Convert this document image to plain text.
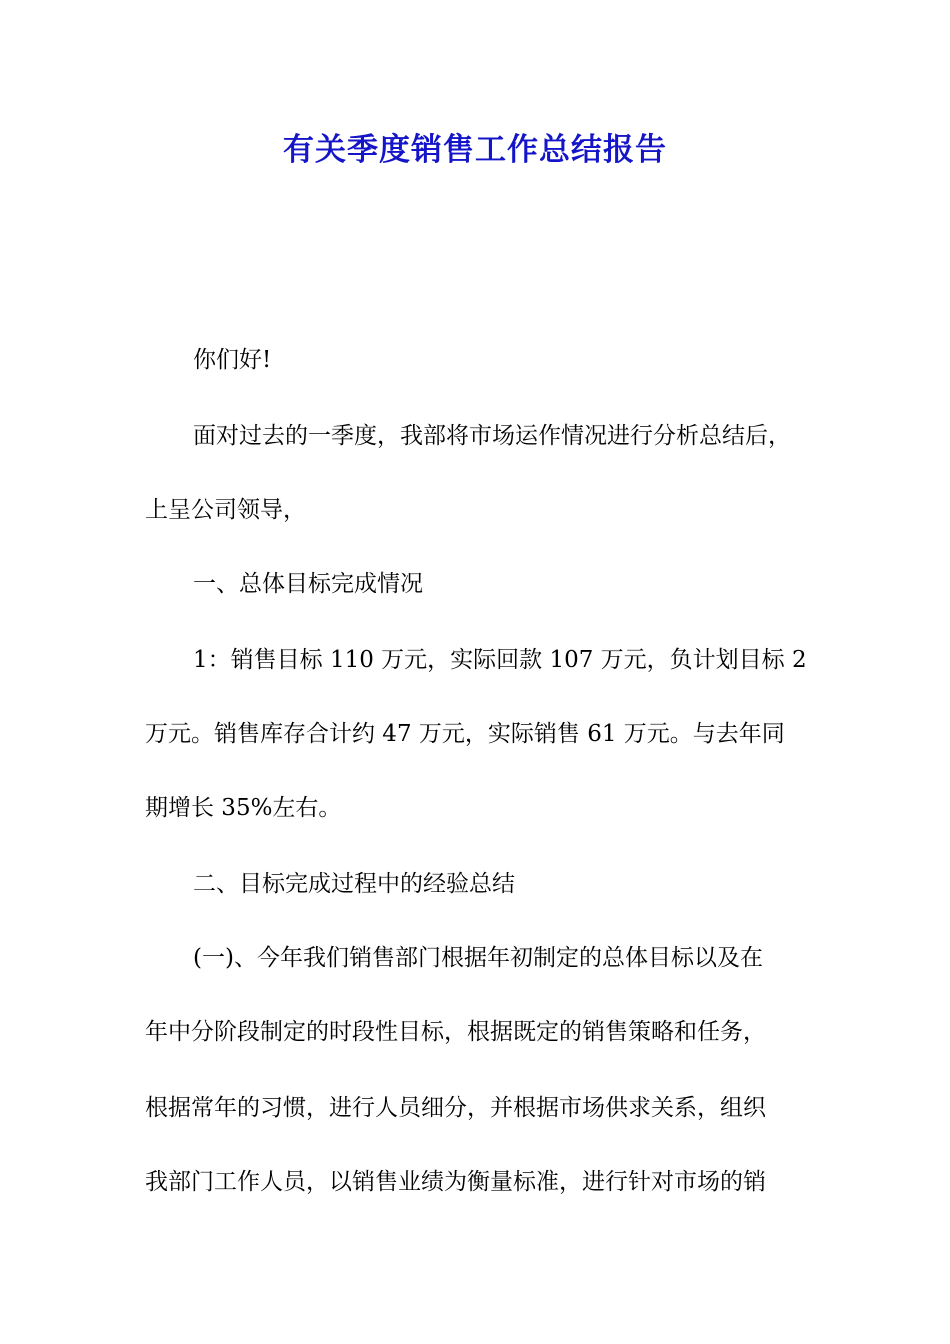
有关季度销售工作总结报告
你们好!
面对过去的一季度，我部将市场运作情况进行分析总结后，
上呈公司领导，
一、总体目标完成情况
1：销售目标 110 万元，实际回款 107 万元，负计划目标 2
万元。销售库存合计约 47 万元，实际销售 61 万元。与去年同
期增长 35%左右。
二、目标完成过程中的经验总结
(一)、今年我们销售部门根据年初制定的总体目标以及在
年中分阶段制定的时段性目标，根据既定的销售策略和任务，
根据常年的习惯，进行人员细分，并根据市场供求关系，组织
我部门工作人员，以销售业绩为衡量标准，进行针对市场的销
